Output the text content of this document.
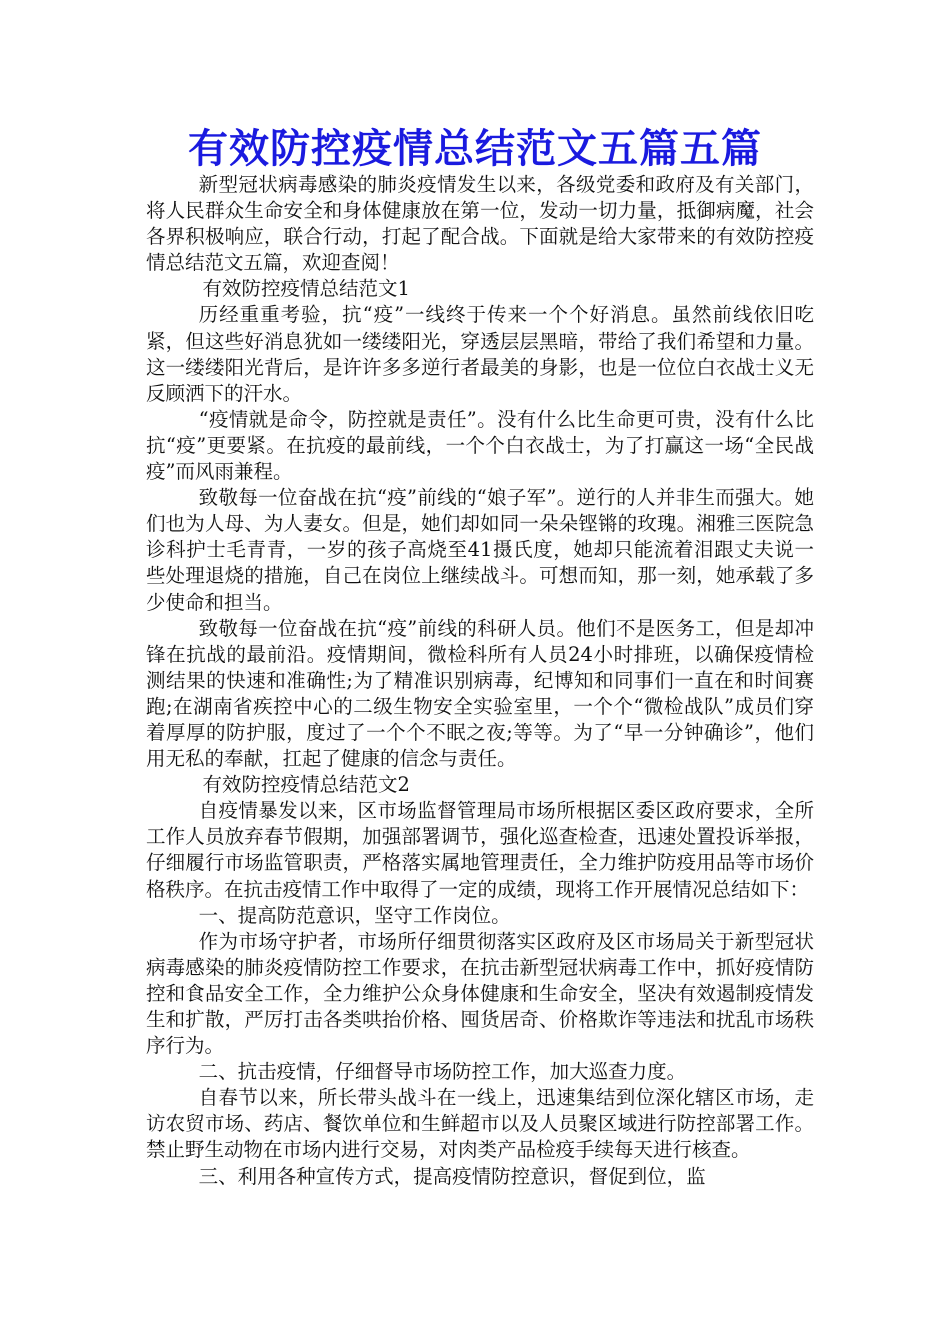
有效防控疫情总结范文五篇五篇

新型冠状病毒感染的肺炎疫情发生以来，各级党委和政府及有关部门，将人民群众生命安全和身体健康放在第一位，发动一切力量，抵御病魔，社会各界积极响应，联合行动，打起了配合战。下面就是给大家带来的有效防控疫情总结范文五篇，欢迎查阅！

有效防控疫情总结范文1

历经重重考验，抗“疫”一线终于传来一个个好消息。虽然前线依旧吃紧，但这些好消息犹如一缕缕阳光，穿透层层黑暗，带给了我们希望和力量。这一缕缕阳光背后，是许许多多逆行者最美的身影，也是一位位白衣战士义无反顾洒下的汗水。

“疫情就是命令，防控就是责任”。没有什么比生命更可贵，没有什么比抗“疫”更要紧。在抗疫的最前线，一个个白衣战士，为了打赢这一场“全民战疫”而风雨兼程。

致敬每一位奋战在抗“疫”前线的“娘子军”。逆行的人并非生而强大。她们也为人母、为人妻女。但是，她们却如同一朵朵铿锵的玫瑰。湘雅三医院急诊科护士毛青青，一岁的孩子高烧至41摄氏度，她却只能流着泪跟丈夫说一些处理退烧的措施，自己在岗位上继续战斗。可想而知，那一刻，她承载了多少使命和担当。

致敬每一位奋战在抗“疫”前线的科研人员。他们不是医务工，但是却冲锋在抗战的最前沿。疫情期间，微检科所有人员24小时排班，以确保疫情检测结果的快速和准确性;为了精准识别病毒，纪博知和同事们一直在和时间赛跑;在湖南省疾控中心的二级生物安全实验室里，一个个“微检战队”成员们穿着厚厚的防护服，度过了一个个不眠之夜;等等。为了“早一分钟确诊”，他们用无私的奉献，扛起了健康的信念与责任。

有效防控疫情总结范文2

自疫情暴发以来，区市场监督管理局市场所根据区委区政府要求，全所工作人员放弃春节假期，加强部署调节，强化巡查检查，迅速处置投诉举报，仔细履行市场监管职责，严格落实属地管理责任，全力维护防疫用品等市场价格秩序。在抗击疫情工作中取得了一定的成绩，现将工作开展情况总结如下：

一、提高防范意识，坚守工作岗位。

作为市场守护者，市场所仔细贯彻落实区政府及区市场局关于新型冠状病毒感染的肺炎疫情防控工作要求，在抗击新型冠状病毒工作中，抓好疫情防控和食品安全工作，全力维护公众身体健康和生命安全，坚决有效遏制疫情发生和扩散，严厉打击各类哄抬价格、囤货居奇、价格欺诈等违法和扰乱市场秩序行为。

二、抗击疫情，仔细督导市场防控工作，加大巡查力度。

自春节以来，所长带头战斗在一线上，迅速集结到位深化辖区市场，走访农贸市场、药店、餐饮单位和生鲜超市以及人员聚区域进行防控部署工作。禁止野生动物在市场内进行交易，对肉类产品检疫手续每天进行核查。

三、利用各种宣传方式，提高疫情防控意识，督促到位，监
